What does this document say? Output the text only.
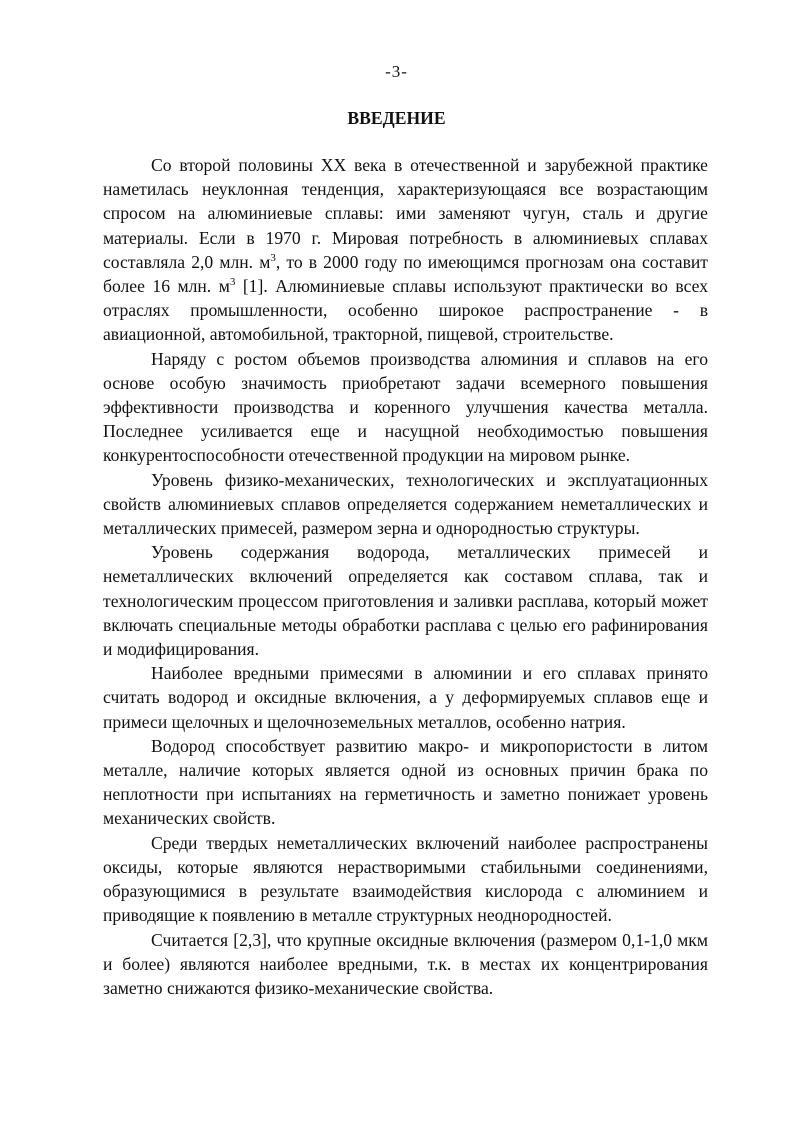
-3-
ВВЕДЕНИЕ

Со второй половины XX века в отечественной и зарубежной практике наметилась неуклонная тенденция, характеризующаяся все возрастающим спросом на алюминиевые сплавы: ими заменяют чугун, сталь и другие материалы. Если в 1970 г. Мировая потребность в алюминиевых сплавах составляла 2,0 млн. $м^3$, то в 2000 году по имеющимся прогнозам она составит более 16 млн. $м^3$ [1]. Алюминиевые сплавы используют практически во всех отраслях промышленности, особенно широкое распространение - в авиационной, автомобильной, тракторной, пищевой, строительстве.

Наряду с ростом объемов производства алюминия и сплавов на его основе особую значимость приобретают задачи всемерного повышения эффективности производства и коренного улучшения качества металла. Последнее усиливается еще и насущной необходимостью повышения конкурентоспособности отечественной продукции на мировом рынке.

Уровень физико-механических, технологических и эксплуатационных свойств алюминиевых сплавов определяется содержанием неметаллических и металлических примесей, размером зерна и однородностью структуры.

Уровень содержания водорода, металлических примесей и неметаллических включений определяется как составом сплава, так и технологическим процессом приготовления и заливки расплава, который может включать специальные методы обработки расплава с целью его рафинирования и модифицирования.

Наиболее вредными примесями в алюминии и его сплавах принято считать водород и оксидные включения, а у деформируемых сплавов еще и примеси щелочных и щелочноземельных металлов, особенно натрия.

Водород способствует развитию макро- и микропористости в литом металле, наличие которых является одной из основных причин брака по неплотности при испытаниях на герметичность и заметно понижает уровень механических свойств.

Среди твердых неметаллических включений наиболее распространены оксиды, которые являются нерастворимыми стабильными соединениями, образующимися в результате взаимодействия кислорода с алюминием и приводящие к появлению в металле структурных неоднородностей.

Считается [2,3], что крупные оксидные включения (размером 0,1-1,0 мкм и более) являются наиболее вредными, т.к. в местах их концентрирования заметно снижаются физико-механические свойства.
